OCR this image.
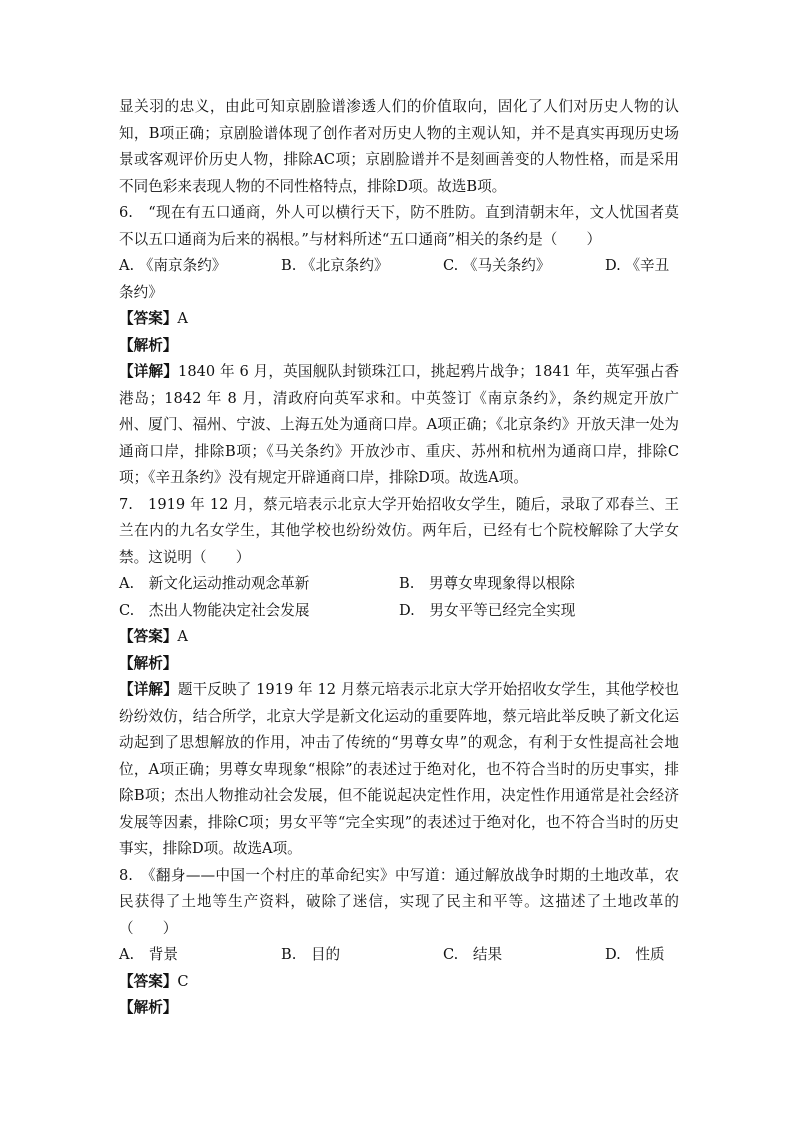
显关羽的忠义，由此可知京剧脸谱渗透人们的价值取向，固化了人们对历史人物的认知，B项正确；京剧脸谱体现了创作者对历史人物的主观认知，并不是真实再现历史场景或客观评价历史人物，排除AC项；京剧脸谱并不是刻画善变的人物性格，而是采用不同色彩来表现人物的不同性格特点，排除D项。故选B项。

6.　“现在有五口通商，外人可以横行天下，防不胜防。直到清朝末年，文人忧国者莫不以五口通商为后来的祸根。”与材料所述“五口通商”相关的条约是（　　）

A. 《南京条约》	B. 《北京条约》	C. 《马关条约》	D. 《辛丑
条约》
【答案】A
【解析】

【详解】1840 年 6 月，英国舰队封锁珠江口，挑起鸦片战争；1841 年，英军强占香港岛；1842 年 8 月，清政府向英军求和。中英签订《南京条约》，条约规定开放广州、厦门、福州、宁波、上海五处为通商口岸。A项正确；《北京条约》开放天津一处为通商口岸，排除B项；《马关条约》开放沙市、重庆、苏州和杭州为通商口岸，排除C项；《辛丑条约》没有规定开辟通商口岸，排除D项。故选A项。

7.　1919 年 12 月，蔡元培表示北京大学开始招收女学生，随后，录取了邓春兰、王兰在内的九名女学生，其他学校也纷纷效仿。两年后，已经有七个院校解除了大学女禁。这说明（　　）

A.　新文化运动推动观念革新	B.　男尊女卑现象得以根除
C.　杰出人物能决定社会发展	D.　男女平等已经完全实现
【答案】A
【解析】

【详解】题干反映了 1919 年 12 月蔡元培表示北京大学开始招收女学生，其他学校也纷纷效仿，结合所学，北京大学是新文化运动的重要阵地，蔡元培此举反映了新文化运动起到了思想解放的作用，冲击了传统的“男尊女卑”的观念，有利于女性提高社会地位，A项正确；男尊女卑现象“根除”的表述过于绝对化，也不符合当时的历史事实，排除B项；杰出人物推动社会发展，但不能说起决定性作用，决定性作用通常是社会经济发展等因素，排除C项；男女平等“完全实现”的表述过于绝对化，也不符合当时的历史事实，排除D项。故选A项。

8.　《翻身——中国一个村庄的革命纪实》中写道：通过解放战争时期的土地改革，农民获得了土地等生产资料，破除了迷信，实现了民主和平等。这描述了土地改革的（　　）

A.　背景	B.　目的	C.　结果	D.　性质
【答案】C
【解析】
